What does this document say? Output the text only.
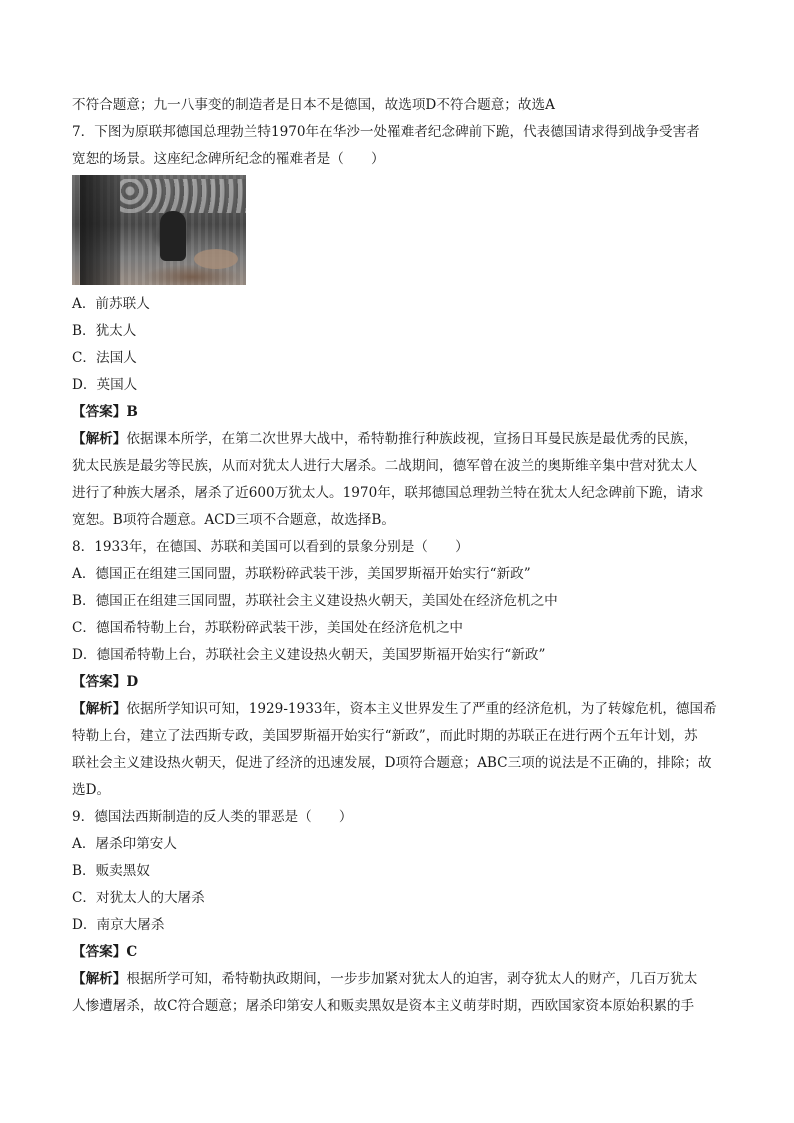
不符合题意；九一八事变的制造者是日本不是德国，故选项D不符合题意；故选A
7．下图为原联邦德国总理勃兰特1970年在华沙一处罹难者纪念碑前下跪，代表德国请求得到战争受害者
宽恕的场景。这座纪念碑所纪念的罹难者是（　　）
A．前苏联人
B．犹太人
C．法国人
D．英国人
【答案】B
【解析】依据课本所学，在第二次世界大战中，希特勒推行种族歧视，宣扬日耳曼民族是最优秀的民族，
犹太民族是最劣等民族，从而对犹太人进行大屠杀。二战期间，德军曾在波兰的奥斯维辛集中营对犹太人
进行了种族大屠杀，屠杀了近600万犹太人。1970年，联邦德国总理勃兰特在犹太人纪念碑前下跪，请求
宽恕。B项符合题意。ACD三项不合题意，故选择B。
8．1933年，在德国、苏联和美国可以看到的景象分别是（　　）
A．德国正在组建三国同盟，苏联粉碎武装干涉，美国罗斯福开始实行“新政”
B．德国正在组建三国同盟，苏联社会主义建设热火朝天，美国处在经济危机之中
C．德国希特勒上台，苏联粉碎武装干涉，美国处在经济危机之中
D．德国希特勒上台，苏联社会主义建设热火朝天，美国罗斯福开始实行“新政”
【答案】D
【解析】依据所学知识可知，1929-1933年，资本主义世界发生了严重的经济危机，为了转嫁危机，德国希
特勒上台，建立了法西斯专政，美国罗斯福开始实行“新政”，而此时期的苏联正在进行两个五年计划，苏
联社会主义建设热火朝天，促进了经济的迅速发展，D项符合题意；ABC三项的说法是不正确的，排除；故
选D。
9．德国法西斯制造的反人类的罪恶是（　　）
A．屠杀印第安人
B．贩卖黑奴
C．对犹太人的大屠杀
D．南京大屠杀
【答案】C
【解析】根据所学可知，希特勒执政期间，一步步加紧对犹太人的迫害，剥夺犹太人的财产，几百万犹太
人惨遭屠杀，故C符合题意；屠杀印第安人和贩卖黑奴是资本主义萌芽时期，西欧国家资本原始积累的手
